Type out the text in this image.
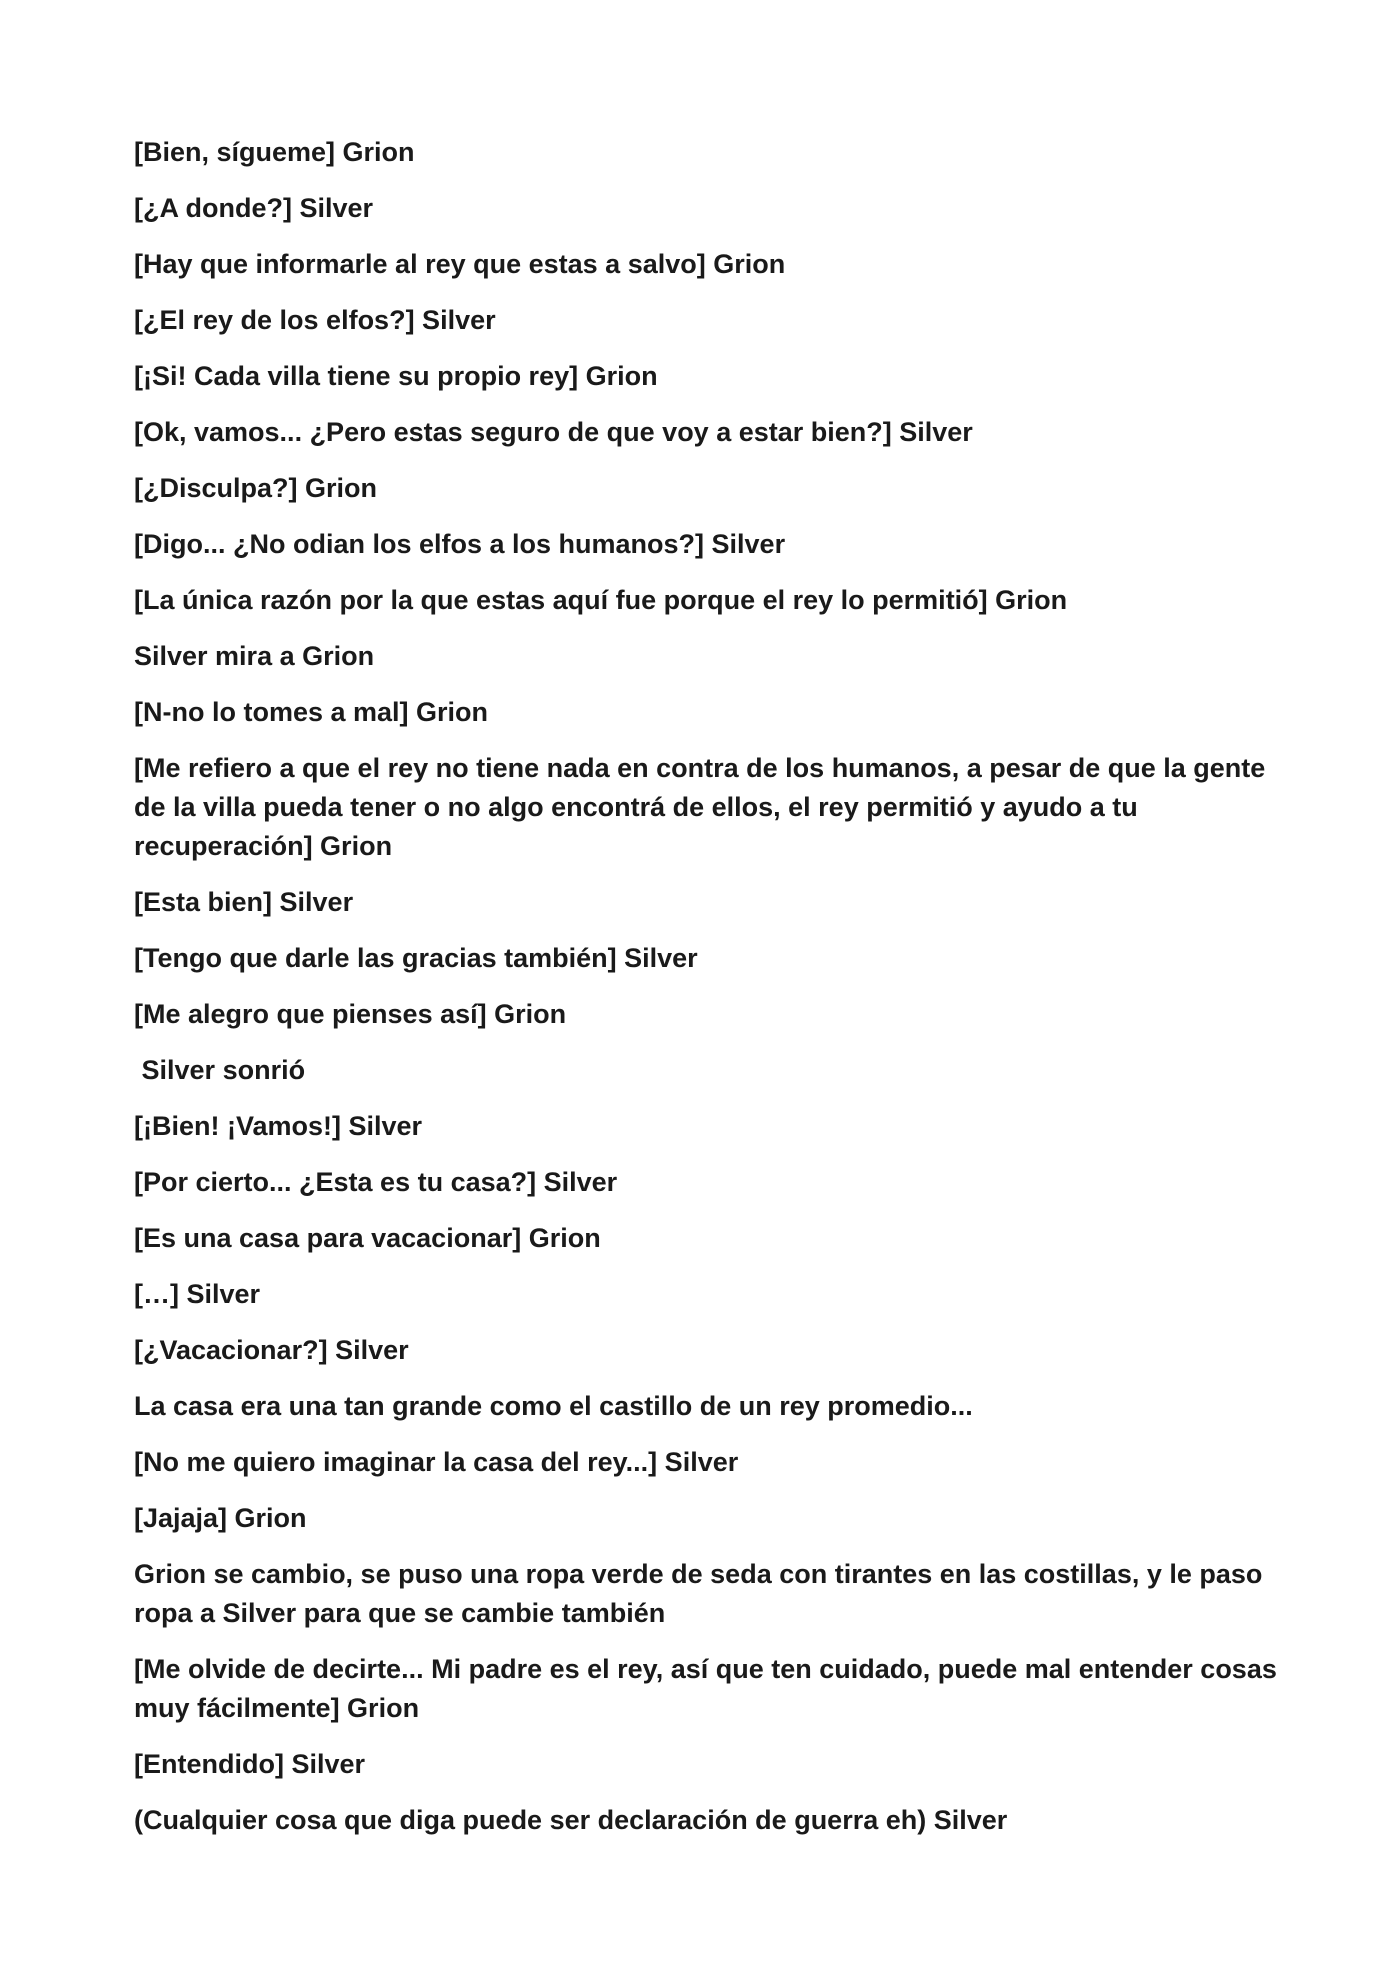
[Bien, sígueme] Grion

[¿A donde?] Silver

[Hay que informarle al rey que estas a salvo] Grion

[¿El rey de los elfos?] Silver

[¡Si! Cada villa tiene su propio rey] Grion

[Ok, vamos... ¿Pero estas seguro de que voy a estar bien?] Silver

[¿Disculpa?] Grion

[Digo... ¿No odian los elfos a los humanos?] Silver

[La única razón por la que estas aquí fue porque el rey lo permitió] Grion

Silver mira a Grion

[N-no lo tomes a mal] Grion

[Me refiero a que el rey no tiene nada en contra de los humanos, a pesar de que la gente de la villa pueda tener o no algo encontrá de ellos, el rey permitió y ayudo a tu recuperación] Grion

[Esta bien] Silver

[Tengo que darle las gracias también] Silver

[Me alegro que pienses así] Grion

Silver sonrió

[¡Bien! ¡Vamos!] Silver

[Por cierto... ¿Esta es tu casa?] Silver

[Es una casa para vacacionar] Grion

[…] Silver

[¿Vacacionar?] Silver

La casa era una tan grande como el castillo de un rey promedio...

[No me quiero imaginar la casa del rey...] Silver

[Jajaja] Grion

Grion se cambio, se puso una ropa verde de seda con tirantes en las costillas, y le paso ropa a Silver para que se cambie también

[Me olvide de decirte... Mi padre es el rey, así que ten cuidado, puede mal entender cosas muy fácilmente] Grion

[Entendido] Silver

(Cualquier cosa que diga puede ser declaración de guerra eh) Silver
